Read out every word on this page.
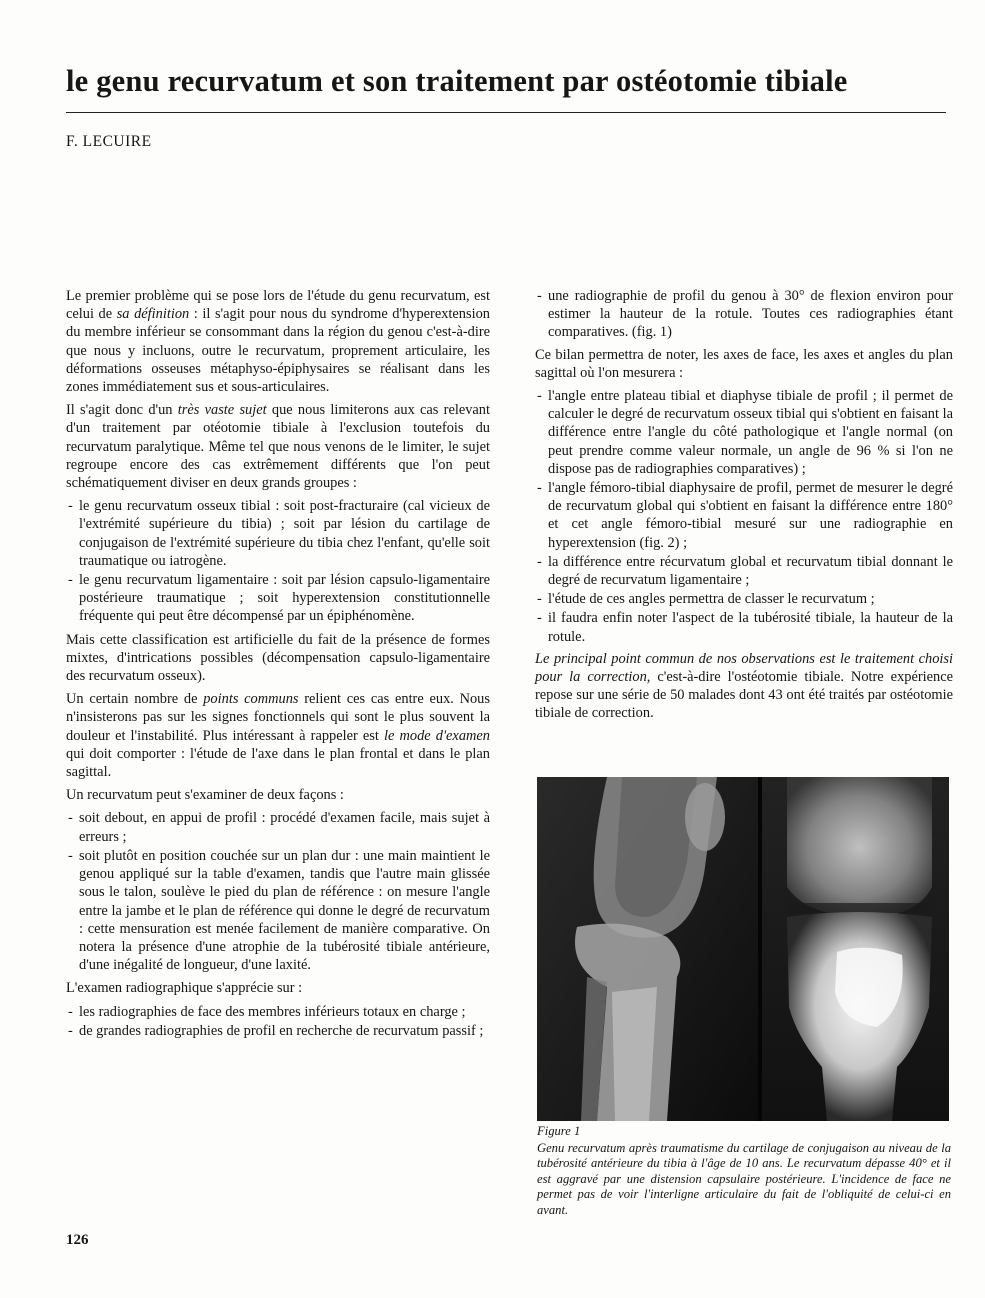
le genu recurvatum et son traitement par ostéotomie tibiale
F. LECUIRE

Le premier problème qui se pose lors de l'étude du genu recurvatum, est celui de sa définition : il s'agit pour nous du syndrome d'hyperextension du membre inférieur se consommant dans la région du genou c'est-à-dire que nous y incluons, outre le recurvatum, proprement articulaire, les déformations osseuses métaphyso-épiphysaires se réalisant dans les zones immédiatement sus et sous-articulaires.

Il s'agit donc d'un très vaste sujet que nous limiterons aux cas relevant d'un traitement par otéotomie tibiale à l'exclusion toutefois du recurvatum paralytique. Même tel que nous venons de le limiter, le sujet regroupe encore des cas extrêmement différents que l'on peut schématiquement diviser en deux grands groupes :

- le genu recurvatum osseux tibial : soit post-fracturaire (cal vicieux de l'extrémité supérieure du tibia) ; soit par lésion du cartilage de conjugaison de l'extrémité supérieure du tibia chez l'enfant, qu'elle soit traumatique ou iatrogène.
- le genu recurvatum ligamentaire : soit par lésion capsulo-ligamentaire postérieure traumatique ; soit hyperextension constitutionnelle fréquente qui peut être décompensé par un épiphénomène.

Mais cette classification est artificielle du fait de la présence de formes mixtes, d'intrications possibles (décompensation capsulo-ligamentaire des recurvatum osseux).

Un certain nombre de points communs relient ces cas entre eux. Nous n'insisterons pas sur les signes fonctionnels qui sont le plus souvent la douleur et l'instabilité. Plus intéressant à rappeler est le mode d'examen qui doit comporter : l'étude de l'axe dans le plan frontal et dans le plan sagittal.

Un recurvatum peut s'examiner de deux façons :

- soit debout, en appui de profil : procédé d'examen facile, mais sujet à erreurs ;
- soit plutôt en position couchée sur un plan dur : une main maintient le genou appliqué sur la table d'examen, tandis que l'autre main glissée sous le talon, soulève le pied du plan de référence : on mesure l'angle entre la jambe et le plan de référence qui donne le degré de recurvatum : cette mensuration est menée facilement de manière comparative. On notera la présence d'une atrophie de la tubérosité tibiale antérieure, d'une inégalité de longueur, d'une laxité.

L'examen radiographique s'apprécie sur :

- les radiographies de face des membres inférieurs totaux en charge ;
- de grandes radiographies de profil en recherche de recurvatum passif ;
- une radiographie de profil du genou à 30° de flexion environ pour estimer la hauteur de la rotule. Toutes ces radiographies étant comparatives. (fig. 1)

Ce bilan permettra de noter, les axes de face, les axes et angles du plan sagittal où l'on mesurera :

- l'angle entre plateau tibial et diaphyse tibiale de profil ; il permet de calculer le degré de recurvatum osseux tibial qui s'obtient en faisant la différence entre l'angle du côté pathologique et l'angle normal (on peut prendre comme valeur normale, un angle de 96 % si l'on ne dispose pas de radiographies comparatives) ;
- l'angle fémoro-tibial diaphysaire de profil, permet de mesurer le degré de recurvatum global qui s'obtient en faisant la différence entre 180° et cet angle fémoro-tibial mesuré sur une radiographie en hyperextension (fig. 2) ;
- la différence entre récurvatum global et recurvatum tibial donnant le degré de recurvatum ligamentaire ;
- l'étude de ces angles permettra de classer le recurvatum ;
- il faudra enfin noter l'aspect de la tubérosité tibiale, la hauteur de la rotule.

Le principal point commun de nos observations est le traitement choisi pour la correction, c'est-à-dire l'ostéotomie tibiale. Notre expérience repose sur une série de 50 malades dont 43 ont été traités par ostéotomie tibiale de correction.

Figure 1
Genu recurvatum après traumatisme du cartilage de conjugaison au niveau de la tubérosité antérieure du tibia à l'âge de 10 ans. Le recurvatum dépasse 40° et il est aggravé par une distension capsulaire postérieure. L'incidence de face ne permet pas de voir l'interligne articulaire du fait de l'obliquité de celui-ci en avant.
126
